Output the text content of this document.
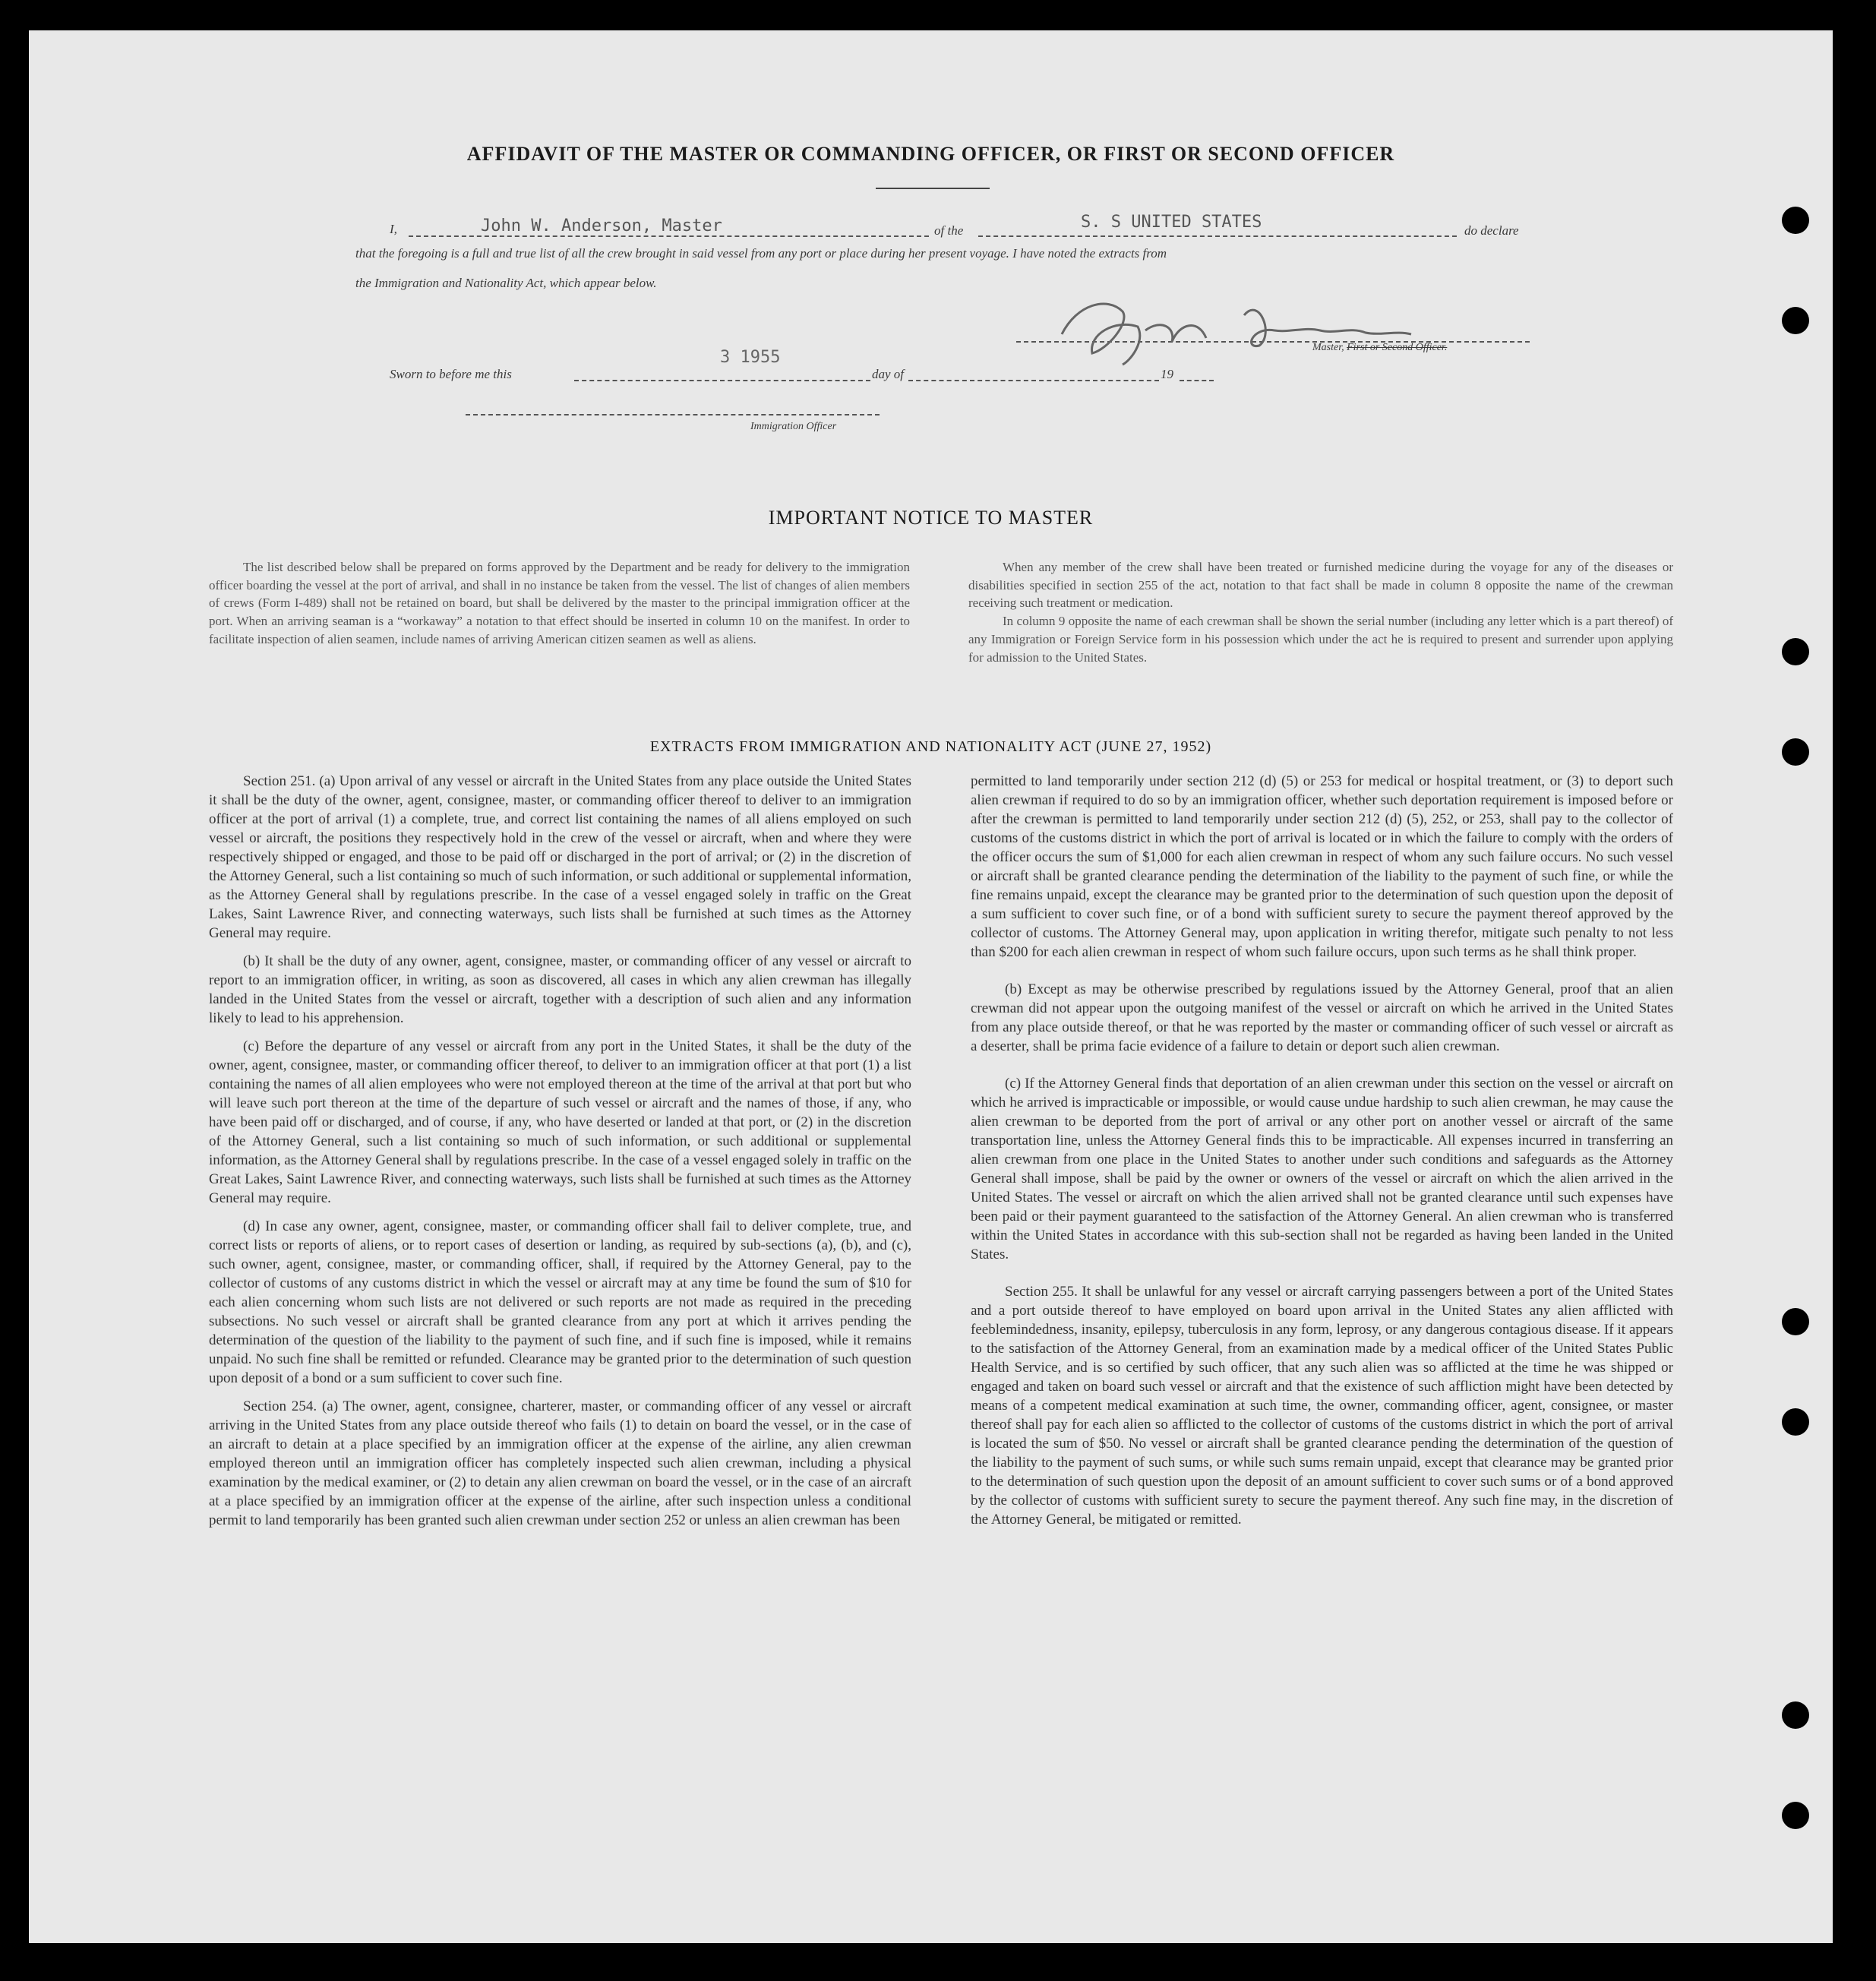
AFFIDAVIT OF THE MASTER OR COMMANDING OFFICER, OR FIRST OR SECOND OFFICER
I,	John W. Anderson, Master	of the	S. S UNITED STATES	do declare
that the foregoing is a full and true list of all the crew brought in said vessel from any port or place during her present voyage. I have noted the extracts from
the Immigration and Nationality Act, which appear below.
Master, First or Second Officer.
Sworn to before me this
3 1955
day of	19
Immigration Officer
IMPORTANT NOTICE TO MASTER

The list described below shall be prepared on forms approved by the Department and be ready for delivery to the immigration officer boarding the vessel at the port of arrival, and shall in no instance be taken from the vessel. The list of changes of alien members of crews (Form I-489) shall not be retained on board, but shall be delivered by the master to the principal immigration officer at the port. When an arriving seaman is a “workaway” a notation to that effect should be inserted in column 10 on the manifest. In order to facilitate inspection of alien seamen, include names of arriving American citizen seamen as well as aliens.

When any member of the crew shall have been treated or furnished medicine during the voyage for any of the diseases or disabilities specified in section 255 of the act, notation to that fact shall be made in column 8 opposite the name of the crewman receiving such treatment or medication.

In column 9 opposite the name of each crewman shall be shown the serial number (including any letter which is a part thereof) of any Immigration or Foreign Service form in his possession which under the act he is required to present and surrender upon applying for admission to the United States.

EXTRACTS FROM IMMIGRATION AND NATIONALITY ACT (JUNE 27, 1952)

Section 251. (a) Upon arrival of any vessel or aircraft in the United States from any place outside the United States it shall be the duty of the owner, agent, consignee, master, or commanding officer thereof to deliver to an immigration officer at the port of arrival (1) a complete, true, and correct list containing the names of all aliens employed on such vessel or aircraft, the positions they respectively hold in the crew of the vessel or aircraft, when and where they were respectively shipped or engaged, and those to be paid off or discharged in the port of arrival; or (2) in the discretion of the Attorney General, such a list containing so much of such information, or such additional or supplemental information, as the Attorney General shall by regulations prescribe. In the case of a vessel engaged solely in traffic on the Great Lakes, Saint Lawrence River, and connecting waterways, such lists shall be furnished at such times as the Attorney General may require.

(b) It shall be the duty of any owner, agent, consignee, master, or commanding officer of any vessel or aircraft to report to an immigration officer, in writing, as soon as discovered, all cases in which any alien crewman has illegally landed in the United States from the vessel or aircraft, together with a description of such alien and any information likely to lead to his apprehension.

(c) Before the departure of any vessel or aircraft from any port in the United States, it shall be the duty of the owner, agent, consignee, master, or commanding officer thereof, to deliver to an immigration officer at that port (1) a list containing the names of all alien employees who were not employed thereon at the time of the arrival at that port but who will leave such port thereon at the time of the departure of such vessel or aircraft and the names of those, if any, who have been paid off or discharged, and of course, if any, who have deserted or landed at that port, or (2) in the discretion of the Attorney General, such a list containing so much of such information, or such additional or supplemental information, as the Attorney General shall by regulations prescribe. In the case of a vessel engaged solely in traffic on the Great Lakes, Saint Lawrence River, and connecting waterways, such lists shall be furnished at such times as the Attorney General may require.

(d) In case any owner, agent, consignee, master, or commanding officer shall fail to deliver complete, true, and correct lists or reports of aliens, or to report cases of desertion or landing, as required by sub-sections (a), (b), and (c), such owner, agent, consignee, master, or commanding officer, shall, if required by the Attorney General, pay to the collector of customs of any customs district in which the vessel or aircraft may at any time be found the sum of $10 for each alien concerning whom such lists are not delivered or such reports are not made as required in the preceding subsections. No such vessel or aircraft shall be granted clearance from any port at which it arrives pending the determination of the question of the liability to the payment of such fine, and if such fine is imposed, while it remains unpaid. No such fine shall be remitted or refunded. Clearance may be granted prior to the determination of such question upon deposit of a bond or a sum sufficient to cover such fine.

Section 254. (a) The owner, agent, consignee, charterer, master, or commanding officer of any vessel or aircraft arriving in the United States from any place outside thereof who fails (1) to detain on board the vessel, or in the case of an aircraft to detain at a place specified by an immigration officer at the expense of the airline, any alien crewman employed thereon until an immigration officer has completely inspected such alien crewman, including a physical examination by the medical examiner, or (2) to detain any alien crewman on board the vessel, or in the case of an aircraft at a place specified by an immigration officer at the expense of the airline, after such inspection unless a conditional permit to land temporarily has been granted such alien crewman under section 252 or unless an alien crewman has been

permitted to land temporarily under section 212 (d) (5) or 253 for medical or hospital treatment, or (3) to deport such alien crewman if required to do so by an immigration officer, whether such deportation requirement is imposed before or after the crewman is permitted to land temporarily under section 212 (d) (5), 252, or 253, shall pay to the collector of customs of the customs district in which the port of arrival is located or in which the failure to comply with the orders of the officer occurs the sum of $1,000 for each alien crewman in respect of whom any such failure occurs. No such vessel or aircraft shall be granted clearance pending the determination of the liability to the payment of such fine, or while the fine remains unpaid, except the clearance may be granted prior to the determination of such question upon the deposit of a sum sufficient to cover such fine, or of a bond with sufficient surety to secure the payment thereof approved by the collector of customs. The Attorney General may, upon application in writing therefor, mitigate such penalty to not less than $200 for each alien crewman in respect of whom such failure occurs, upon such terms as he shall think proper.

(b) Except as may be otherwise prescribed by regulations issued by the Attorney General, proof that an alien crewman did not appear upon the outgoing manifest of the vessel or aircraft on which he arrived in the United States from any place outside thereof, or that he was reported by the master or commanding officer of such vessel or aircraft as a deserter, shall be prima facie evidence of a failure to detain or deport such alien crewman.

(c) If the Attorney General finds that deportation of an alien crewman under this section on the vessel or aircraft on which he arrived is impracticable or impossible, or would cause undue hardship to such alien crewman, he may cause the alien crewman to be deported from the port of arrival or any other port on another vessel or aircraft of the same transportation line, unless the Attorney General finds this to be impracticable. All expenses incurred in transferring an alien crewman from one place in the United States to another under such conditions and safeguards as the Attorney General shall impose, shall be paid by the owner or owners of the vessel or aircraft on which the alien arrived in the United States. The vessel or aircraft on which the alien arrived shall not be granted clearance until such expenses have been paid or their payment guaranteed to the satisfaction of the Attorney General. An alien crewman who is transferred within the United States in accordance with this sub-section shall not be regarded as having been landed in the United States.

Section 255. It shall be unlawful for any vessel or aircraft carrying passengers between a port of the United States and a port outside thereof to have employed on board upon arrival in the United States any alien afflicted with feeblemindedness, insanity, epilepsy, tuberculosis in any form, leprosy, or any dangerous contagious disease. If it appears to the satisfaction of the Attorney General, from an examination made by a medical officer of the United States Public Health Service, and is so certified by such officer, that any such alien was so afflicted at the time he was shipped or engaged and taken on board such vessel or aircraft and that the existence of such affliction might have been detected by means of a competent medical examination at such time, the owner, commanding officer, agent, consignee, or master thereof shall pay for each alien so afflicted to the collector of customs of the customs district in which the port of arrival is located the sum of $50. No vessel or aircraft shall be granted clearance pending the determination of the question of the liability to the payment of such sums, or while such sums remain unpaid, except that clearance may be granted prior to the determination of such question upon the deposit of an amount sufficient to cover such sums or of a bond approved by the collector of customs with sufficient surety to secure the payment thereof. Any such fine may, in the discretion of the Attorney General, be mitigated or remitted.
